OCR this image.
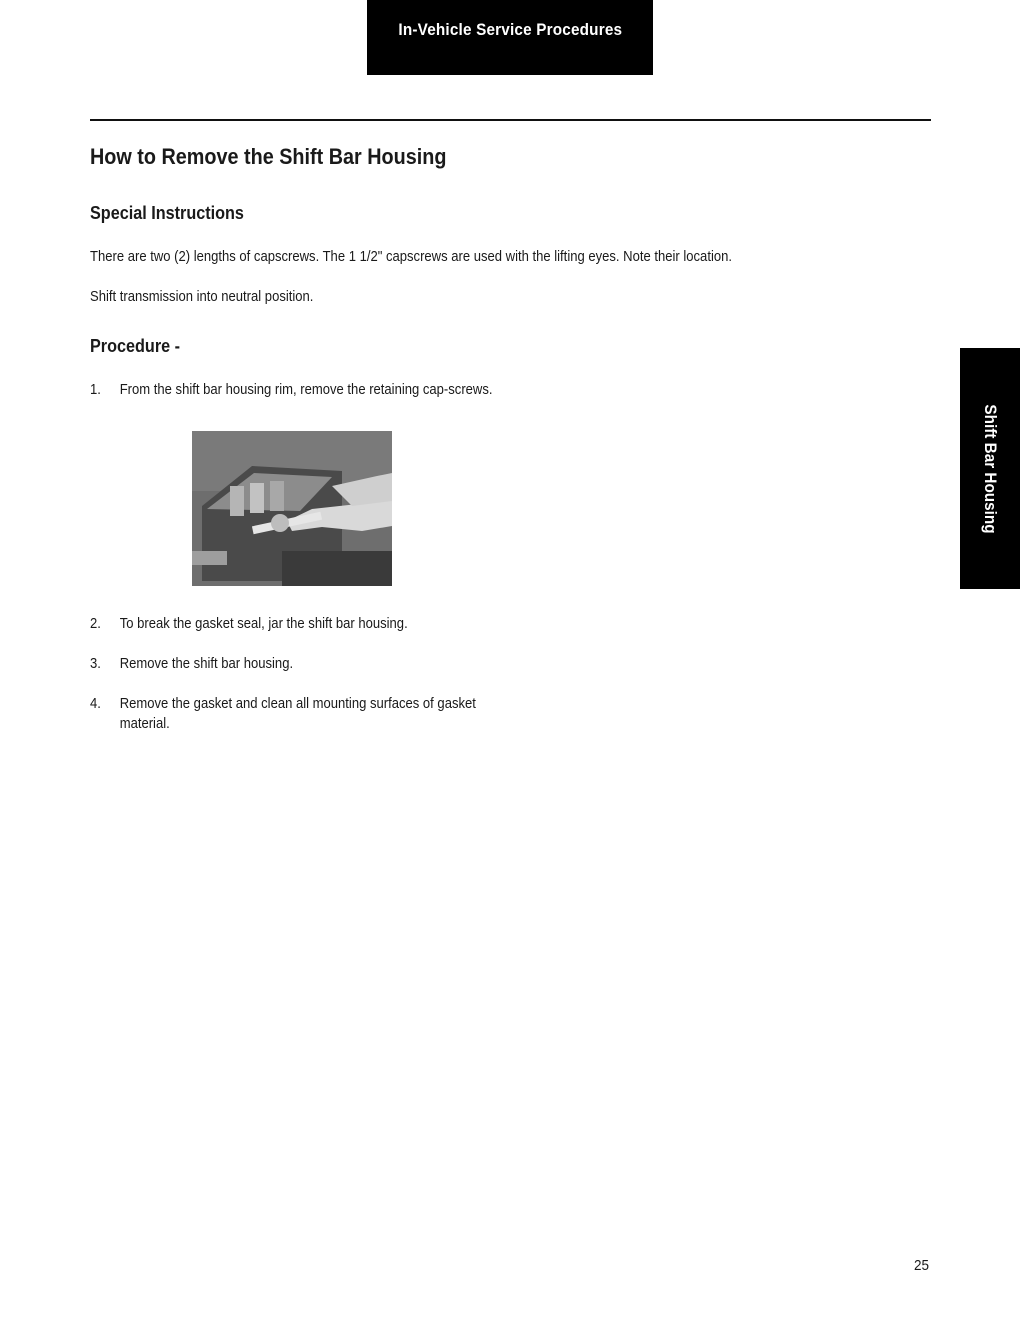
In-Vehicle Service Procedures
How to Remove the Shift Bar Housing
Special Instructions

There are two (2) lengths of capscrews. The 1 1/2" capscrews are used with the lifting eyes. Note their location.

Shift transmission into neutral position.

Procedure -
1. From the shift bar housing rim, remove the retaining cap-screws.
2. To break the gasket seal, jar the shift bar housing.
3. Remove the shift bar housing.
4. Remove the gasket and clean all mounting surfaces of gasket material.
Shift Bar Housing
25
